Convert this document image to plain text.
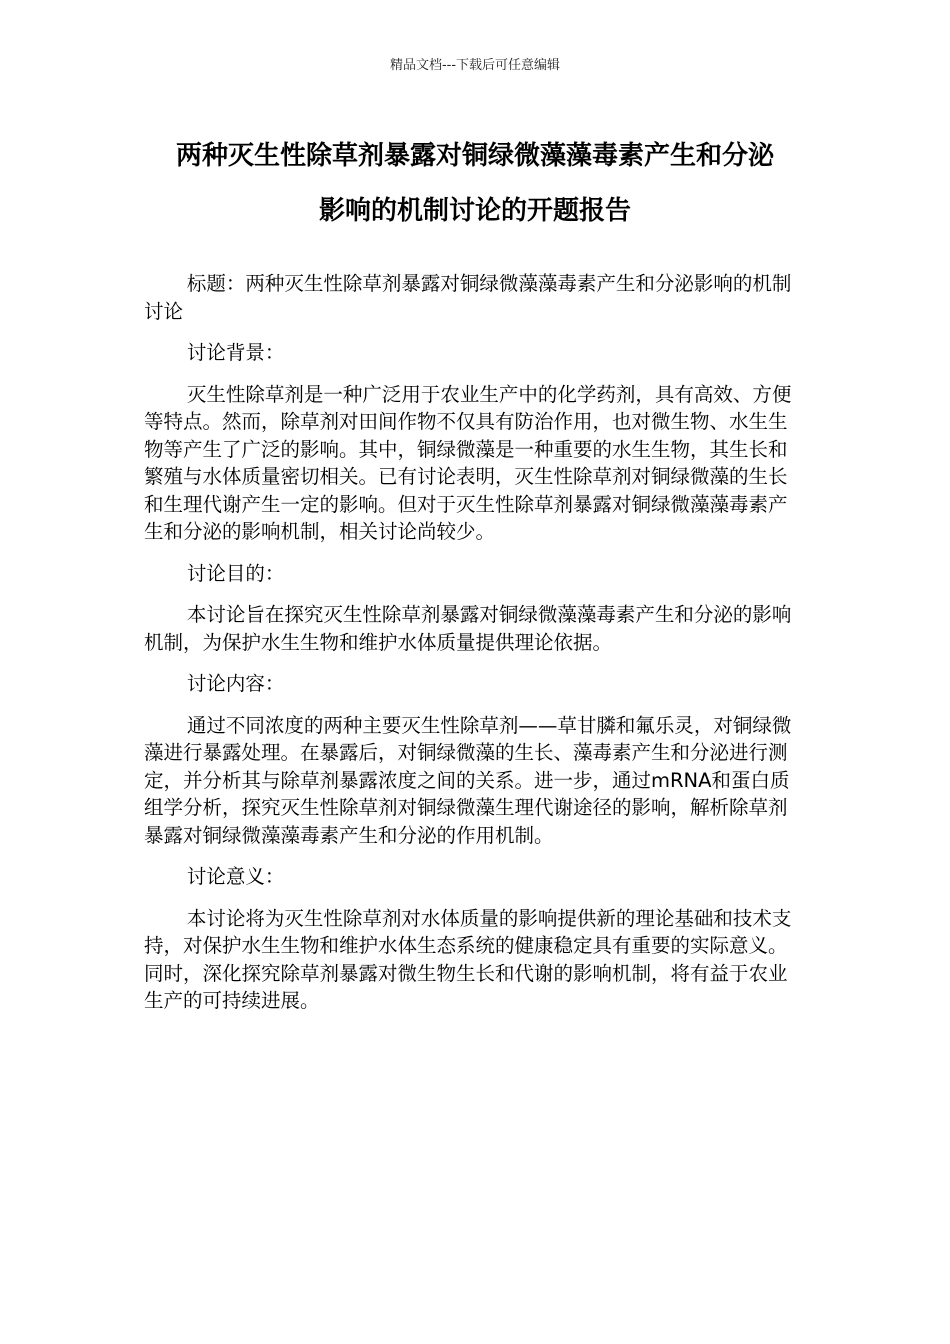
精品文档---下载后可任意编辑
两种灭生性除草剂暴露对铜绿微藻藻毒素产生和分泌
影响的机制讨论的开题报告

标题：两种灭生性除草剂暴露对铜绿微藻藻毒素产生和分泌影响的机制讨论

讨论背景：

灭生性除草剂是一种广泛用于农业生产中的化学药剂，具有高效、方便等特点。然而，除草剂对田间作物不仅具有防治作用，也对微生物、水生生物等产生了广泛的影响。其中，铜绿微藻是一种重要的水生生物，其生长和繁殖与水体质量密切相关。已有讨论表明，灭生性除草剂对铜绿微藻的生长和生理代谢产生一定的影响。但对于灭生性除草剂暴露对铜绿微藻藻毒素产生和分泌的影响机制，相关讨论尚较少。

讨论目的：

本讨论旨在探究灭生性除草剂暴露对铜绿微藻藻毒素产生和分泌的影响机制，为保护水生生物和维护水体质量提供理论依据。

讨论内容：

通过不同浓度的两种主要灭生性除草剂——草甘膦和氟乐灵，对铜绿微藻进行暴露处理。在暴露后，对铜绿微藻的生长、藻毒素产生和分泌进行测定，并分析其与除草剂暴露浓度之间的关系。进一步，通过mRNA和蛋白质组学分析，探究灭生性除草剂对铜绿微藻生理代谢途径的影响，解析除草剂暴露对铜绿微藻藻毒素产生和分泌的作用机制。

讨论意义：

本讨论将为灭生性除草剂对水体质量的影响提供新的理论基础和技术支持，对保护水生生物和维护水体生态系统的健康稳定具有重要的实际意义。同时，深化探究除草剂暴露对微生物生长和代谢的影响机制，将有益于农业生产的可持续进展。
